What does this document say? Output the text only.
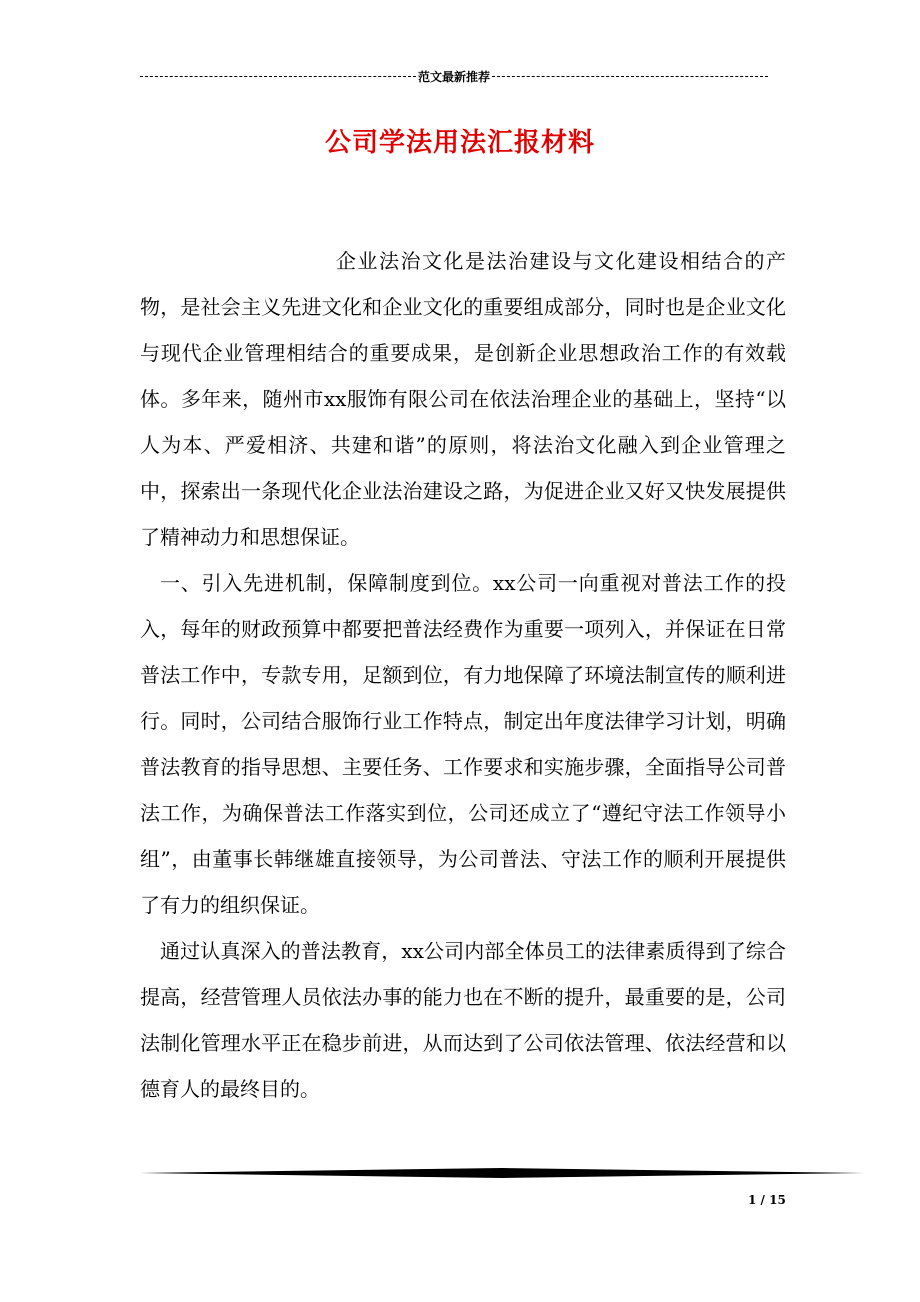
范文最新推荐
公司学法用法汇报材料

企业法治文化是法治建设与文化建设相结合的产物，是社会主义先进文化和企业文化的重要组成部分，同时也是企业文化与现代企业管理相结合的重要成果，是创新企业思想政治工作的有效载体。多年来，随州市xx服饰有限公司在依法治理企业的基础上，坚持“以人为本、严爱相济、共建和谐”的原则，将法治文化融入到企业管理之中，探索出一条现代化企业法治建设之路，为促进企业又好又快发展提供了精神动力和思想保证。

一、引入先进机制，保障制度到位。xx公司一向重视对普法工作的投入，每年的财政预算中都要把普法经费作为重要一项列入，并保证在日常普法工作中，专款专用，足额到位，有力地保障了环境法制宣传的顺利进行。同时，公司结合服饰行业工作特点，制定出年度法律学习计划，明确普法教育的指导思想、主要任务、工作要求和实施步骤，全面指导公司普法工作，为确保普法工作落实到位，公司还成立了“遵纪守法工作领导小组”，由董事长韩继雄直接领导，为公司普法、守法工作的顺利开展提供了有力的组织保证。

通过认真深入的普法教育，xx公司内部全体员工的法律素质得到了综合提高，经营管理人员依法办事的能力也在不断的提升，最重要的是，公司法制化管理水平正在稳步前进，从而达到了公司依法管理、依法经营和以德育人的最终目的。

1 / 15
